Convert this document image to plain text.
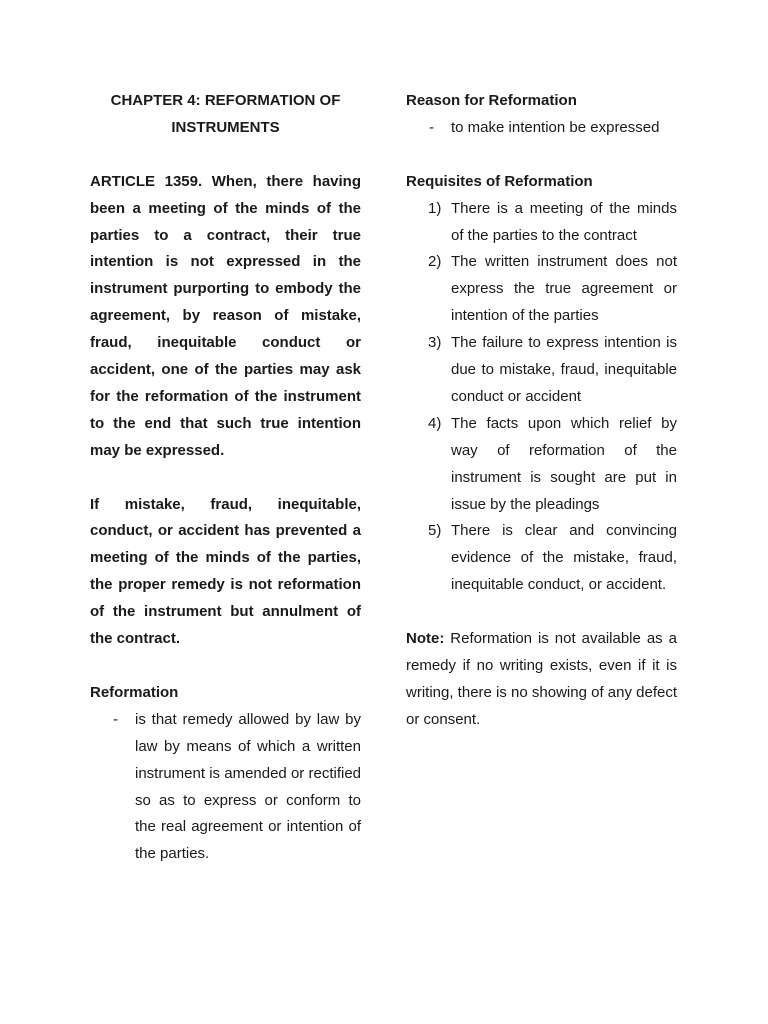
CHAPTER 4: REFORMATION OF
INSTRUMENTS

ARTICLE 1359. When, there having been a meeting of the minds of the parties to a contract, their true intention is not expressed in the instrument purporting to embody the agreement, by reason of mistake, fraud, inequitable conduct or accident, one of the parties may ask for the reformation of the instrument to the end that such true intention may be expressed.

If mistake, fraud, inequitable, conduct, or accident has prevented a meeting of the minds of the parties, the proper remedy is not reformation of the instrument but annulment of the contract.

Reformation

- is that remedy allowed by law by law by means of which a written instrument is amended or rectified so as to express or conform to the real agreement or intention of the parties.

Reason for Reformation

- to make intention be expressed

Requisites of Reformation

1) There is a meeting of the minds of the parties to the contract
2) The written instrument does not express the true agreement or intention of the parties
3) The failure to express intention is due to mistake, fraud, inequitable conduct or accident
4) The facts upon which relief by way of reformation of the instrument is sought are put in issue by the pleadings
5) There is clear and convincing evidence of the mistake, fraud, inequitable conduct, or accident.

Note: Reformation is not available as a remedy if no writing exists, even if it is writing, there is no showing of any defect or consent.
